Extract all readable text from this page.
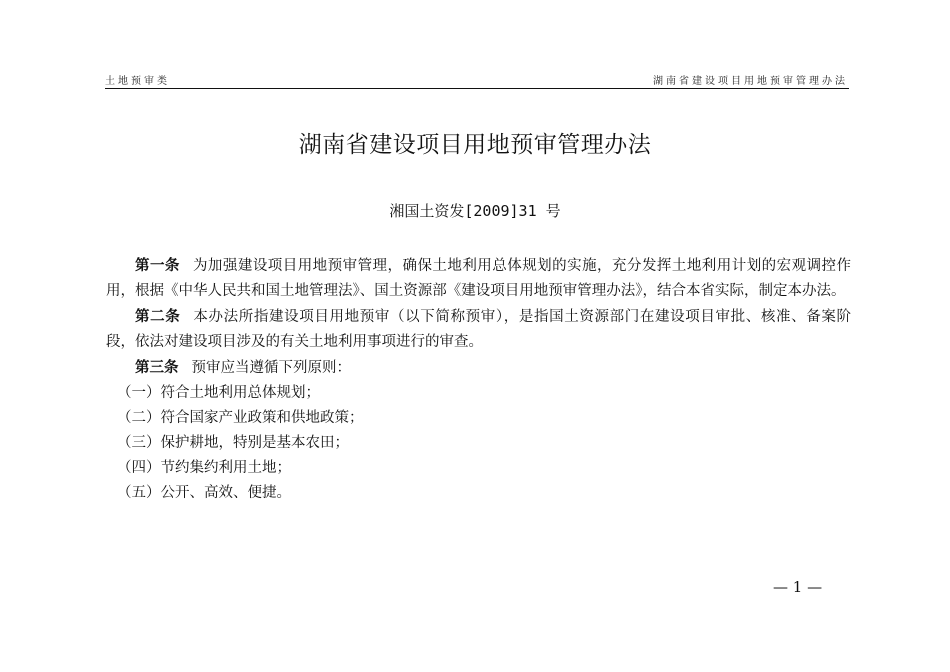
土地预审类	湖南省建设项目用地预审管理办法
湖南省建设项目用地预审管理办法
湘国土资发[2009]31 号

第一条 为加强建设项目用地预审管理，确保土地利用总体规划的实施，充分发挥土地利用计划的宏观调控作用，根据《中华人民共和国土地管理法》、国土资源部《建设项目用地预审管理办法》，结合本省实际，制定本办法。

第二条 本办法所指建设项目用地预审（以下简称预审），是指国土资源部门在建设项目审批、核准、备案阶段，依法对建设项目涉及的有关土地利用事项进行的审查。

第三条 预审应当遵循下列原则：

（一）符合土地利用总体规划；

（二）符合国家产业政策和供地政策；

（三）保护耕地，特别是基本农田；

（四）节约集约利用土地；

（五）公开、高效、便捷。

— 1 —
